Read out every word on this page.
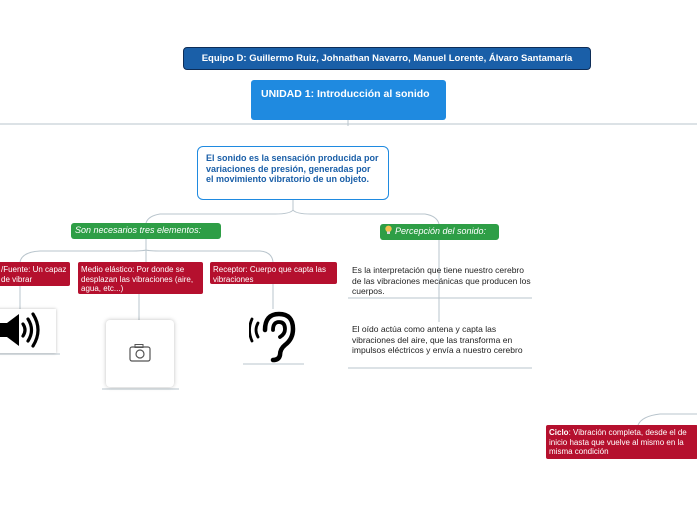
Equipo D: Guillermo Ruiz, Johnathan Navarro, Manuel Lorente, Álvaro Santamaría
UNIDAD 1: Introducción al sonido
El sonido es la sensación producida por variaciones de presión, generadas por el movimiento vibratorio de un objeto.
Son necesarios tres elementos:	Percepción del sonido:
/Fuente: Un capaz de vibrar
Medio elástico: Por donde se desplazan las vibraciones (aire, agua, etc...)
Receptor: Cuerpo que capta las vibraciones
Es la interpretación que tiene nuestro cerebro de las vibraciones mecánicas que producen los cuerpos.
El oído actúa como antena y capta las vibraciones del aire, que las transforma en impulsos eléctricos y envía a nuestro cerebro
Ciclo: Vibración completa, desde el de inicio hasta que vuelve al mismo en la misma condición
